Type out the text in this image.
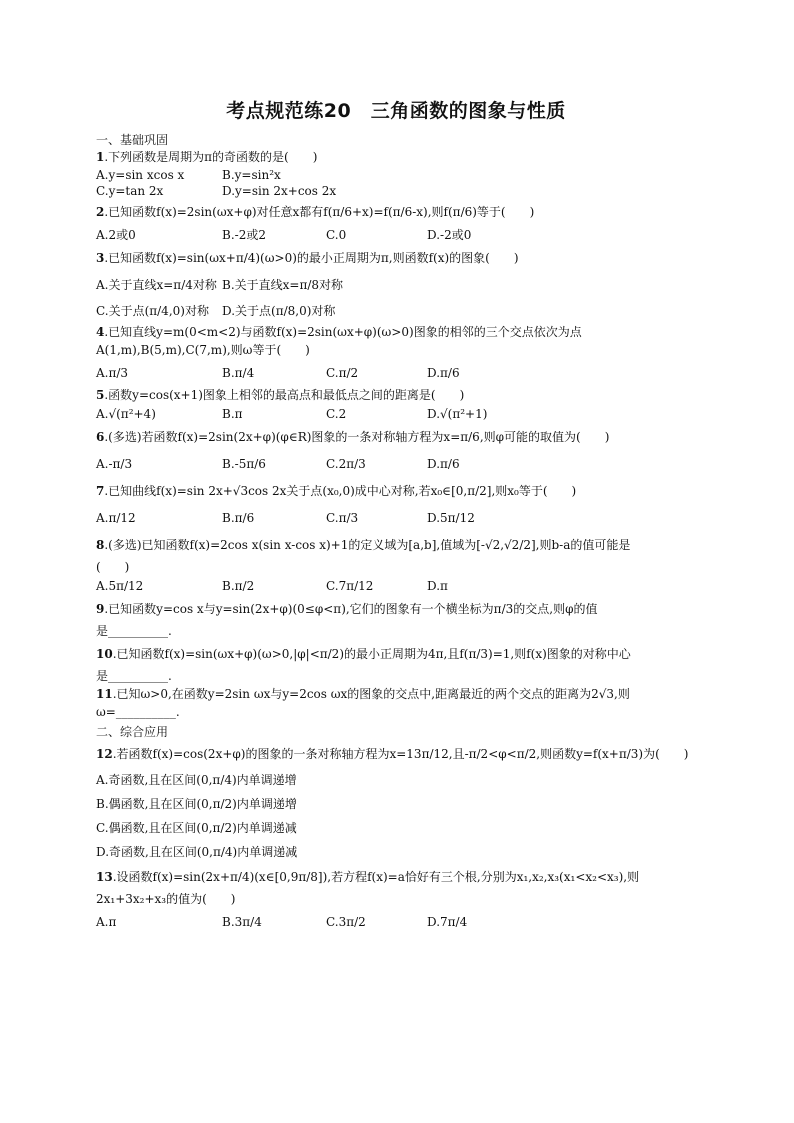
考点规范练20　三角函数的图象与性质
一、基础巩固
1.下列函数是周期为π的奇函数的是(　　)
A.y=sin xcos x	B.y=sin²x
C.y=tan 2x	D.y=sin 2x+cos 2x
2.已知函数f(x)=2sin(ωx+φ)对任意x都有f(π/6+x)=f(π/6-x),则f(π/6)等于(　　)
A.2或0	B.-2或2	C.0	D.-2或0
3.已知函数f(x)=sin(ωx+π/4)(ω>0)的最小正周期为π,则函数f(x)的图象(　　)
A.关于直线x=π/4对称 B.关于直线x=π/8对称
C.关于点(π/4,0)对称	D.关于点(π/8,0)对称
4.已知直线y=m(0<m<2)与函数f(x)=2sin(ωx+φ)(ω>0)图象的相邻的三个交点依次为点
A(1,m),B(5,m),C(7,m),则ω等于(　　)
A.π/3	B.π/4	C.π/2	D.π/6
5.函数y=cos(x+1)图象上相邻的最高点和最低点之间的距离是(　　)
A.√(π²+4)	B.π	C.2	D.√(π²+1)
6.(多选)若函数f(x)=2sin(2x+φ)(φ∈R)图象的一条对称轴方程为x=π/6,则φ可能的取值为(　　)
A.-π/3	B.-5π/6	C.2π/3	D.π/6
7.已知曲线f(x)=sin 2x+√3cos 2x关于点(x₀,0)成中心对称,若x₀∈[0,π/2],则x₀等于(　　)
A.π/12	B.π/6	C.π/3	D.5π/12
8.(多选)已知函数f(x)=2cos x(sin x-cos x)+1的定义域为[a,b],值域为[-√2,√2/2],则b-a的值可能是
(　　)
A.5π/12	B.π/2	C.7π/12	D.π
9.已知函数y=cos x与y=sin(2x+φ)(0≤φ<π),它们的图象有一个横坐标为π/3的交点,则φ的值
是__________.
10.已知函数f(x)=sin(ωx+φ)(ω>0,|φ|<π/2)的最小正周期为4π,且f(π/3)=1,则f(x)图象的对称中心
是__________.
11.已知ω>0,在函数y=2sin ωx与y=2cos ωx的图象的交点中,距离最近的两个交点的距离为2√3,则
ω=__________.
二、综合应用
12.若函数f(x)=cos(2x+φ)的图象的一条对称轴方程为x=13π/12,且-π/2<φ<π/2,则函数y=f(x+π/3)为(　　)
A.奇函数,且在区间(0,π/4)内单调递增
B.偶函数,且在区间(0,π/2)内单调递增
C.偶函数,且在区间(0,π/2)内单调递减
D.奇函数,且在区间(0,π/4)内单调递减
13.设函数f(x)=sin(2x+π/4)(x∈[0,9π/8]),若方程f(x)=a恰好有三个根,分别为x₁,x₂,x₃(x₁<x₂<x₃),则
2x₁+3x₂+x₃的值为(　　)
A.π	B.3π/4	C.3π/2	D.7π/4
